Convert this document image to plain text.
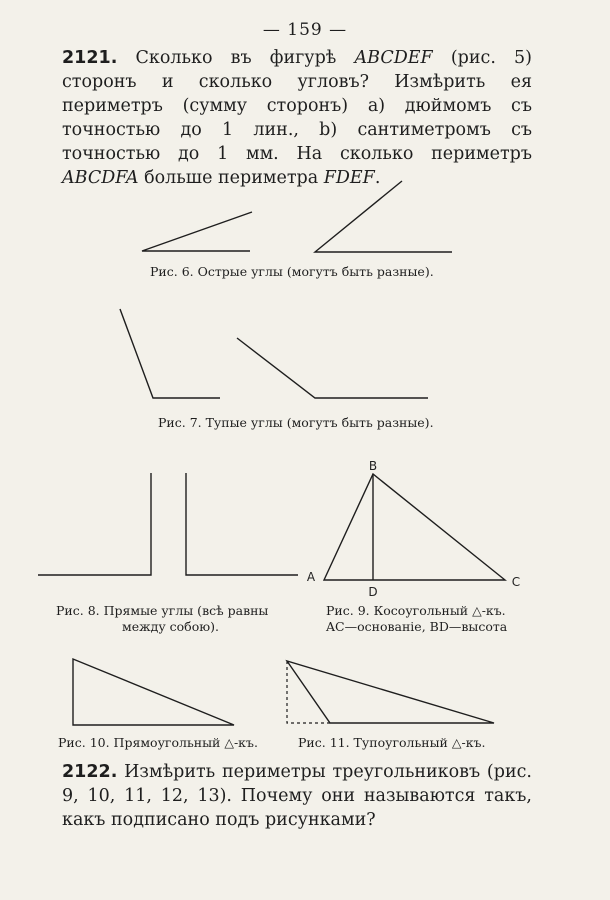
— 159 —
2121. Сколько въ фигурѣ ABCDEF (рис. 5) сторонъ и сколько угловъ? Измѣрить ея периметръ (сумму сторонъ) а) дюймомъ съ точностью до 1 лин., b) сантиметромъ съ точностью до 1 мм. На сколько периметръ ABCDFA больше периметра FDEF.
B
A	C
D
Рис. 6. Острые углы (могутъ быть разные).
Рис. 7. Тупые углы (могутъ быть разные).
Рис. 8. Прямые углы (всѣ равны
между собою).
Рис. 9. Косоугольный △-къ.
AC—основаніе, BD—высота
Рис. 10. Прямоугольный △-къ.	Рис. 11. Тупоугольный △-къ.
2122. Измѣрить периметры треугольниковъ (рис. 9, 10, 11, 12, 13). Почему они называются такъ, какъ подписано подъ рисунками?
